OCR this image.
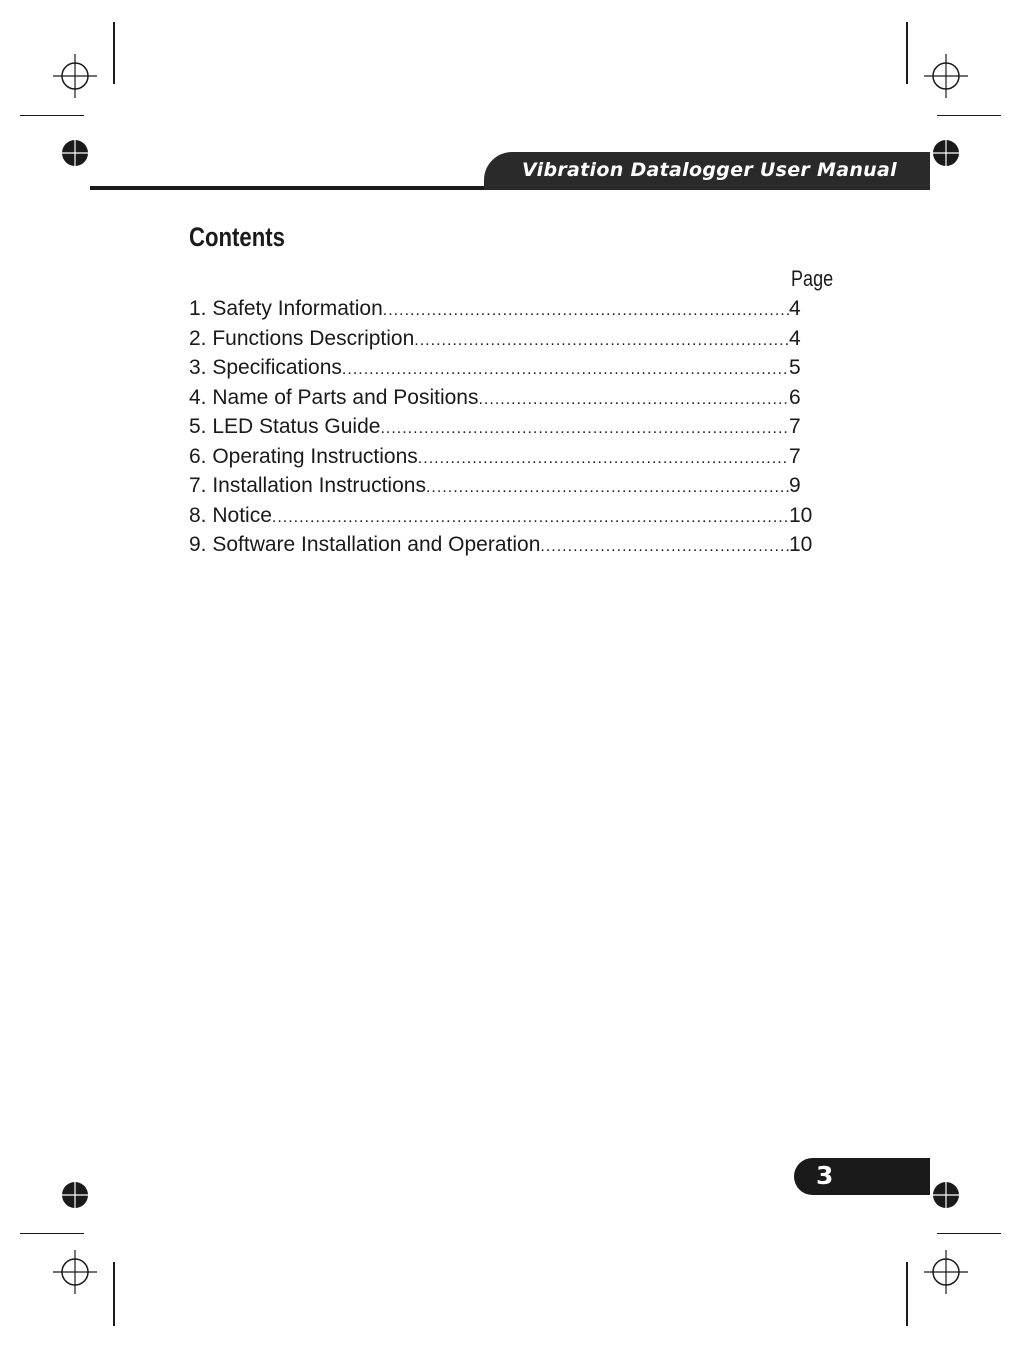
Vibration Datalogger User Manual
Contents
Page
1. Safety Information .....	4
2. Functions Description .....	4
3. Specifications .....	5
4. Name of Parts and Positions .....	6
5. LED Status Guide .....	7
6. Operating Instructions .....	7
7. Installation Instructions .....	9
8. Notice .....	10
9. Software Installation and Operation .....	10
3
